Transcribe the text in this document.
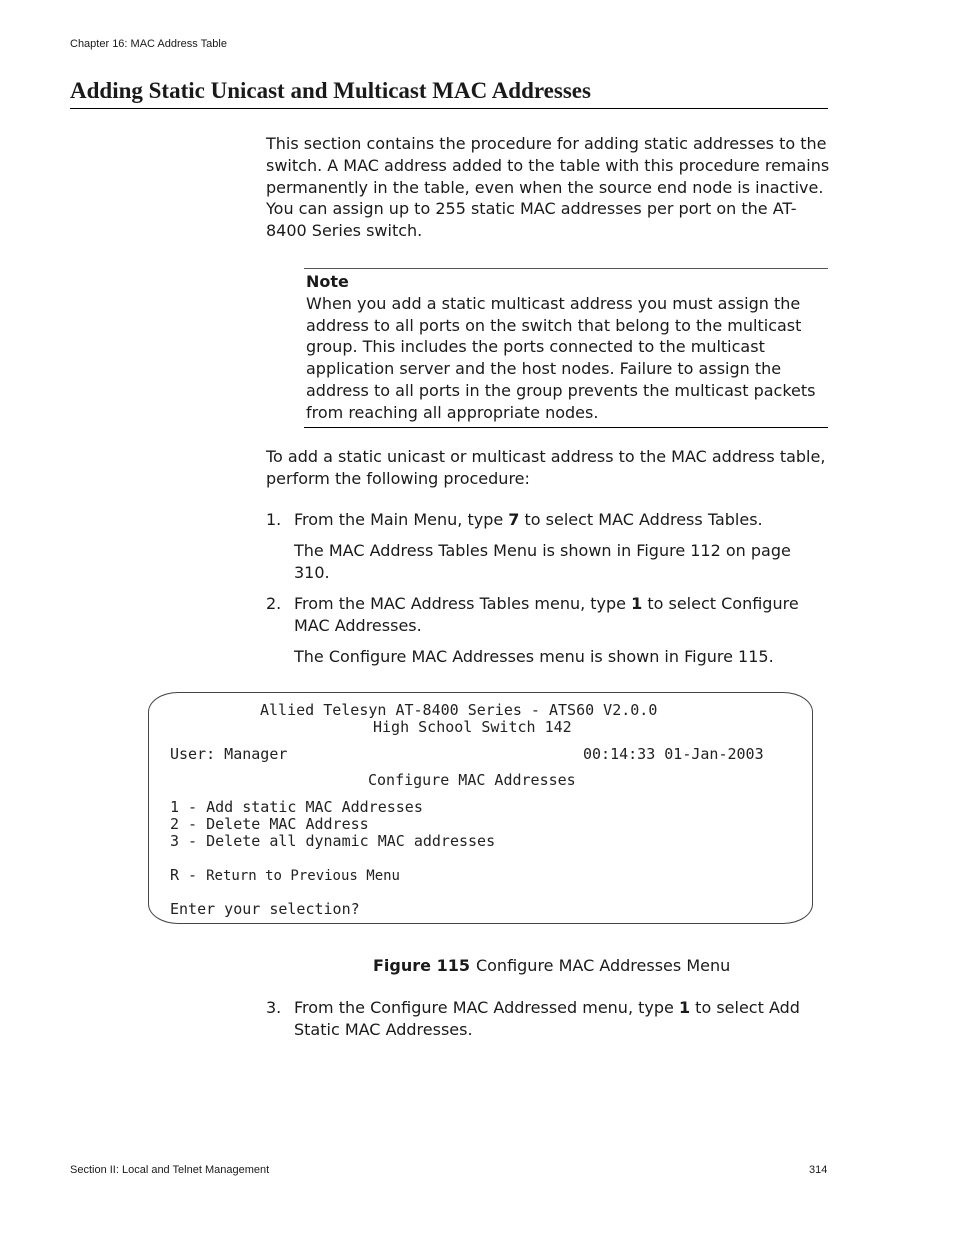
Chapter 16: MAC Address Table
Adding Static Unicast and Multicast MAC Addresses

This section contains the procedure for adding static addresses to the switch. A MAC address added to the table with this procedure remains permanently in the table, even when the source end node is inactive. You can assign up to 255 static MAC addresses per port on the AT-8400 Series switch.

Note

When you add a static multicast address you must assign the address to all ports on the switch that belong to the multicast group. This includes the ports connected to the multicast application server and the host nodes. Failure to assign the address to all ports in the group prevents the multicast packets from reaching all appropriate nodes.

To add a static unicast or multicast address to the MAC address table, perform the following procedure:

1. From the Main Menu, type 7 to select MAC Address Tables.

The MAC Address Tables Menu is shown in Figure 112 on page 310.

2. From the MAC Address Tables menu, type 1 to select Configure MAC Addresses.

The Configure MAC Addresses menu is shown in Figure 115.

Allied Telesyn AT-8400 Series - ATS60 V2.0.0
High School Switch 142
User: Manager	00:14:33 01-Jan-2003
Configure MAC Addresses
1 - Add static MAC Addresses
2 - Delete MAC Address
3 - Delete all dynamic MAC addresses
R - Return to Previous Menu
Enter your selection?
Figure 115 Configure MAC Addresses Menu
3. From the Configure MAC Addressed menu, type 1 to select Add Static MAC Addresses.

Section II: Local and Telnet Management	314
